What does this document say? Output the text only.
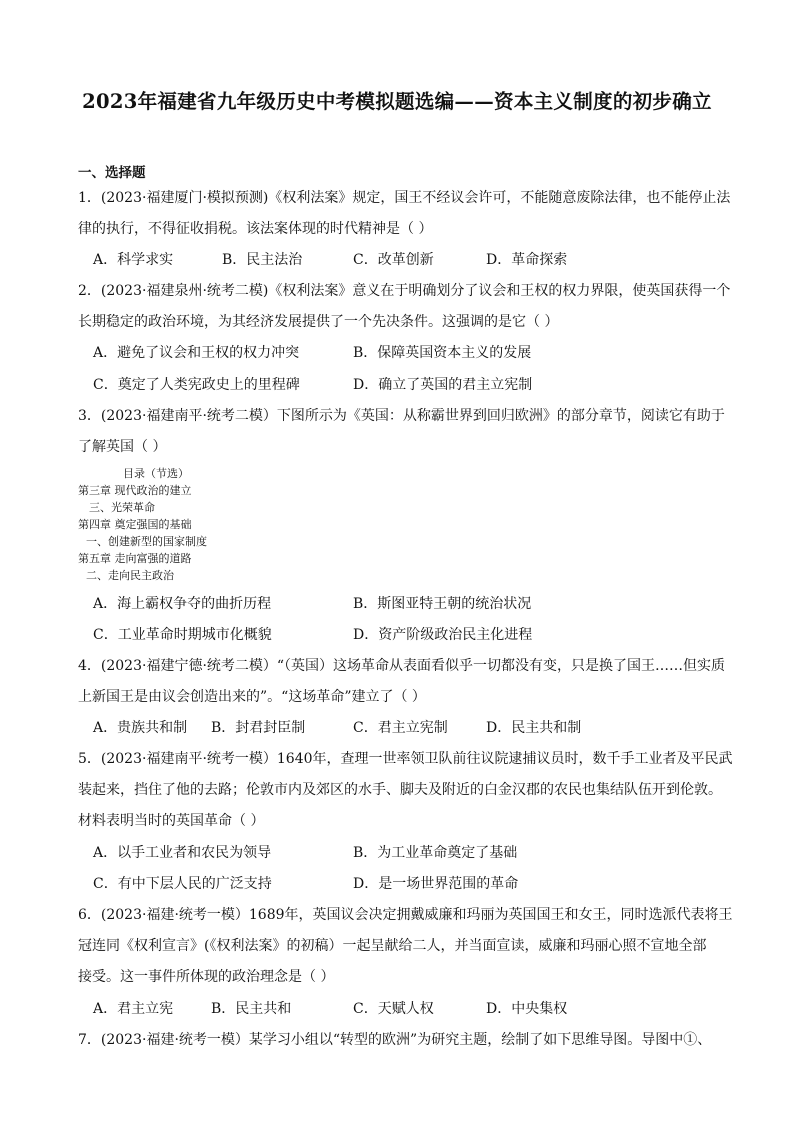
2023年福建省九年级历史中考模拟题选编——资本主义制度的初步确立
一、选择题
1．(2023·福建厦门·模拟预测)《权利法案》规定，国王不经议会许可，不能随意废除法律，也不能停止法
律的执行，不得征收捐税。该法案体现的时代精神是（ ）
A．科学求实	B．民主法治	C．改革创新	D．革命探索
2．(2023·福建泉州·统考二模)《权利法案》意义在于明确划分了议会和王权的权力界限，使英国获得一个
长期稳定的政治环境，为其经济发展提供了一个先决条件。这强调的是它（ ）
A．避免了议会和王权的权力冲突	B．保障英国资本主义的发展
C．奠定了人类宪政史上的里程碑	D．确立了英国的君主立宪制
3．(2023·福建南平·统考二模）下图所示为《英国：从称霸世界到回归欧洲》的部分章节，阅读它有助于
了解英国（ ）
目录（节选）
第三章 现代政治的建立
三、光荣革命
第四章 奠定强国的基础
一、创建新型的国家制度
第五章 走向富强的道路
二、走向民主政治
A．海上霸权争夺的曲折历程	B．斯图亚特王朝的统治状况
C．工业革命时期城市化概貌	D．资产阶级政治民主化进程
4．(2023·福建宁德·统考二模）“（英国）这场革命从表面看似乎一切都没有变，只是换了国王……但实质
上新国王是由议会创造出来的”。“这场革命”建立了（ ）
A．贵族共和制 B．封君封臣制	C．君主立宪制	D．民主共和制
5．(2023·福建南平·统考一模）1640年，查理一世率领卫队前往议院逮捕议员时，数千手工业者及平民武
装起来，挡住了他的去路；伦敦市内及郊区的水手、脚夫及附近的白金汉郡的农民也集结队伍开到伦敦。
材料表明当时的英国革命（ ）
A．以手工业者和农民为领导	B．为工业革命奠定了基础
C．有中下层人民的广泛支持	D．是一场世界范围的革命
6．(2023·福建·统考一模）1689年，英国议会决定拥戴威廉和玛丽为英国国王和女王，同时选派代表将王
冠连同《权利宣言》(《权利法案》的初稿）一起呈献给二人，并当面宣读，威廉和玛丽心照不宣地全部
接受。这一事件所体现的政治理念是（ ）
A．君主立宪	B．民主共和	C．天赋人权	D．中央集权
7．(2023·福建·统考一模）某学习小组以“转型的欧洲”为研究主题，绘制了如下思维导图。导图中①、
